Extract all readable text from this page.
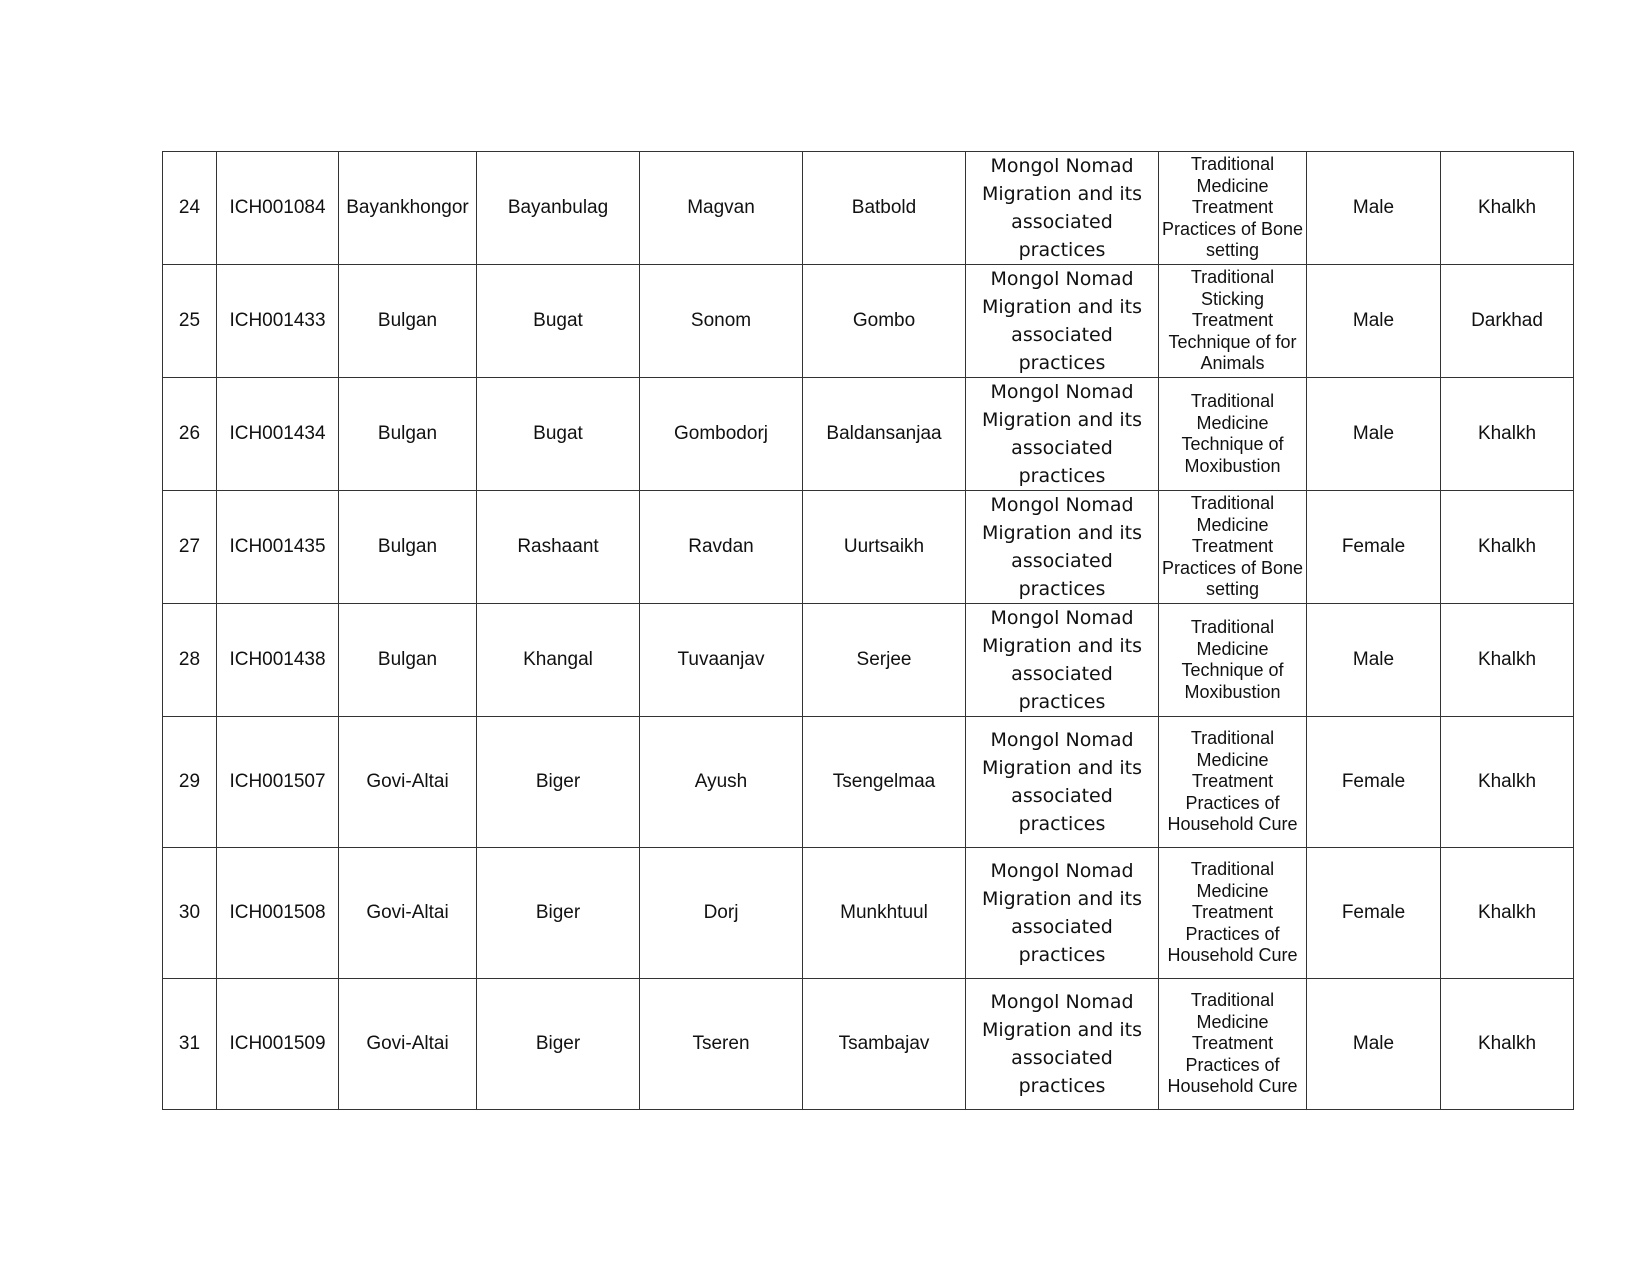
24	ICH001084	Bayankhongor	Bayanbulag	Magvan	Batbold	Mongol Nomad Migration and its associated practices	Traditional Medicine Treatment Practices of Bone setting	Male	Khalkh
25	ICH001433	Bulgan	Bugat	Sonom	Gombo	Mongol Nomad Migration and its associated practices	Traditional Sticking Treatment Technique of for Animals	Male	Darkhad
26	ICH001434	Bulgan	Bugat	Gombodorj	Baldansanjaa	Mongol Nomad Migration and its associated practices	Traditional Medicine Technique of Moxibustion	Male	Khalkh
27	ICH001435	Bulgan	Rashaant	Ravdan	Uurtsaikh	Mongol Nomad Migration and its associated practices	Traditional Medicine Treatment Practices of Bone setting	Female	Khalkh
28	ICH001438	Bulgan	Khangal	Tuvaanjav	Serjee	Mongol Nomad Migration and its associated practices	Traditional Medicine Technique of Moxibustion	Male	Khalkh
29	ICH001507	Govi-Altai	Biger	Ayush	Tsengelmaa	Mongol Nomad Migration and its associated practices	Traditional Medicine Treatment Practices of Household Cure	Female	Khalkh
30	ICH001508	Govi-Altai	Biger	Dorj	Munkhtuul	Mongol Nomad Migration and its associated practices	Traditional Medicine Treatment Practices of Household Cure	Female	Khalkh
31	ICH001509	Govi-Altai	Biger	Tseren	Tsambajav	Mongol Nomad Migration and its associated practices	Traditional Medicine Treatment Practices of Household Cure	Male	Khalkh
